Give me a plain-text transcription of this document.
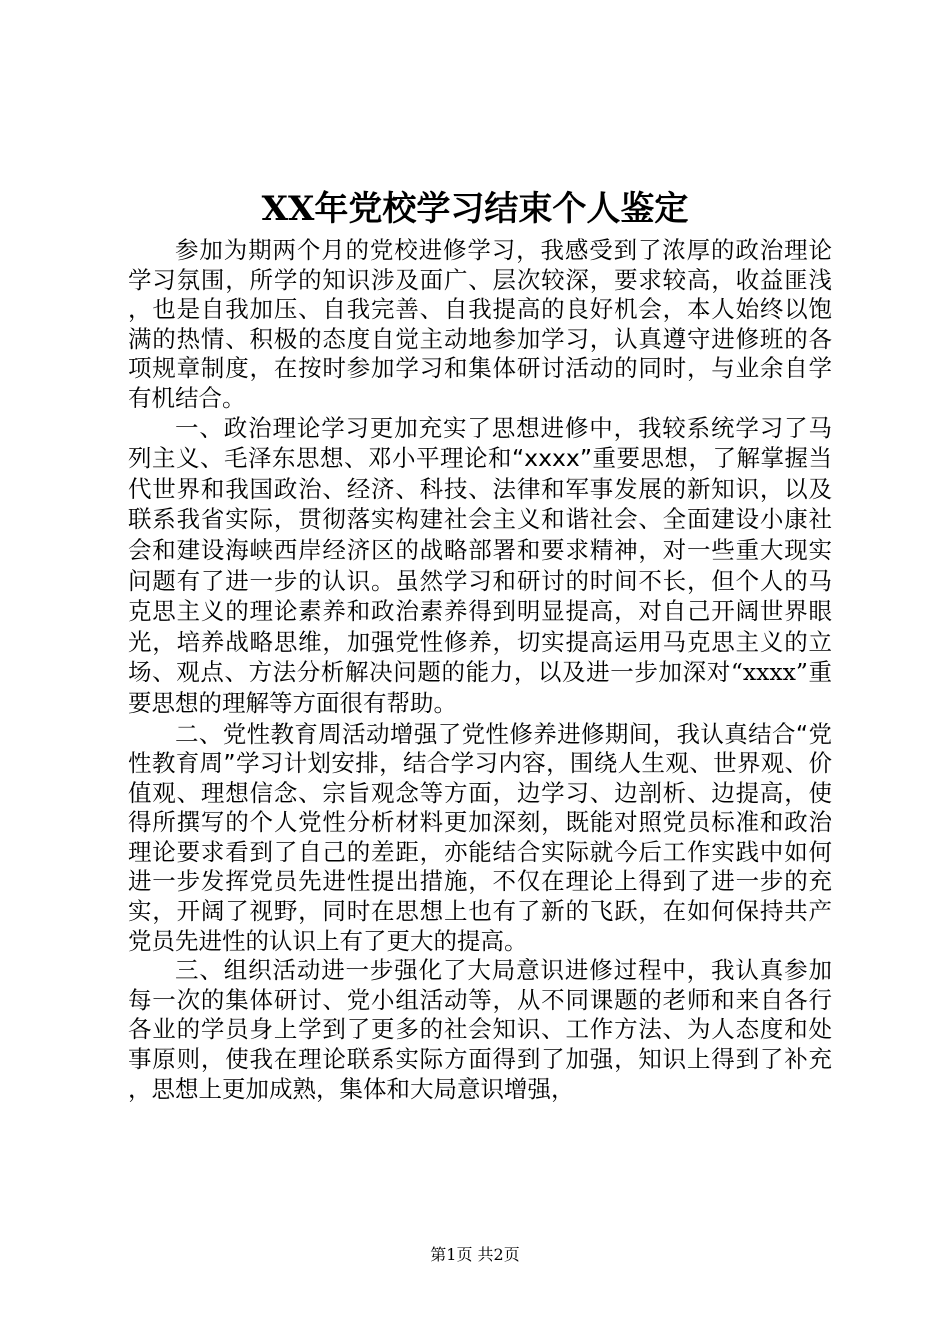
XX年党校学习结束个人鉴定

参加为期两个月的党校进修学习，我感受到了浓厚的政治理论学习氛围，所学的知识涉及面广、层次较深，要求较高，收益匪浅，也是自我加压、自我完善、自我提高的良好机会，本人始终以饱满的热情、积极的态度自觉主动地参加学习，认真遵守进修班的各项规章制度，在按时参加学习和集体研讨活动的同时，与业余自学有机结合。

一、政治理论学习更加充实了思想进修中，我较系统学习了马列主义、毛泽东思想、邓小平理论和“xxxx”重要思想，了解掌握当代世界和我国政治、经济、科技、法律和军事发展的新知识，以及联系我省实际，贯彻落实构建社会主义和谐社会、全面建设小康社会和建设海峡西岸经济区的战略部署和要求精神，对一些重大现实问题有了进一步的认识。虽然学习和研讨的时间不长，但个人的马克思主义的理论素养和政治素养得到明显提高，对自己开阔世界眼光，培养战略思维，加强党性修养，切实提高运用马克思主义的立场、观点、方法分析解决问题的能力，以及进一步加深对“xxxx”重要思想的理解等方面很有帮助。

二、党性教育周活动增强了党性修养进修期间，我认真结合“党性教育周”学习计划安排，结合学习内容，围绕人生观、世界观、价值观、理想信念、宗旨观念等方面，边学习、边剖析、边提高，使得所撰写的个人党性分析材料更加深刻，既能对照党员标准和政治理论要求看到了自己的差距，亦能结合实际就今后工作实践中如何进一步发挥党员先进性提出措施，不仅在理论上得到了进一步的充实，开阔了视野，同时在思想上也有了新的飞跃，在如何保持共产党员先进性的认识上有了更大的提高。

三、组织活动进一步强化了大局意识进修过程中，我认真参加每一次的集体研讨、党小组活动等，从不同课题的老师和来自各行各业的学员身上学到了更多的社会知识、工作方法、为人态度和处事原则，使我在理论联系实际方面得到了加强，知识上得到了补充，思想上更加成熟，集体和大局意识增强，

第1页 共2页
